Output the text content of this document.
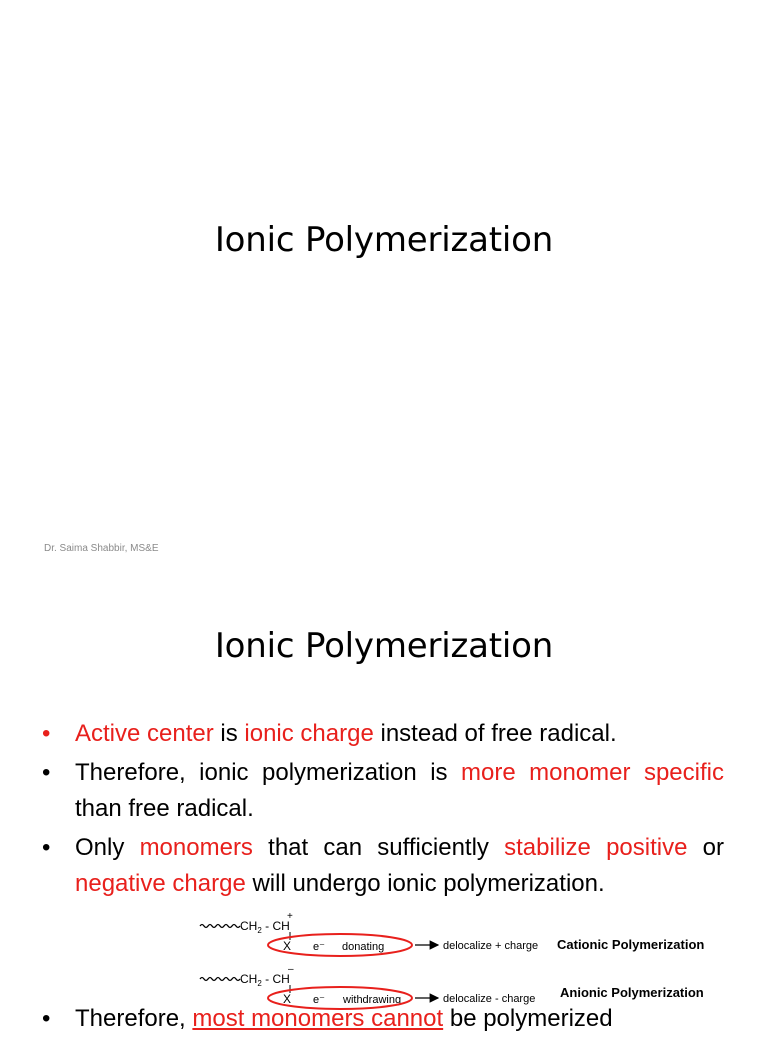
Ionic Polymerization

Dr. Saima Shabbir, MS&E

Ionic Polymerization
• Active center is ionic charge instead of free radical.
• Therefore, ionic polymerization is more monomer specific than free radical.
• Only monomers that can sufficiently stabilize positive or negative charge will undergo ionic polymerization.
$CH_2$ - CH
+
X e⁻ donating	delocalize + charge Cationic Polymerization
$CH_2$ - CH
–
X e⁻ withdrawing	delocalize - charge Anionic Polymerization
• Therefore, most monomers cannot be polymerized
